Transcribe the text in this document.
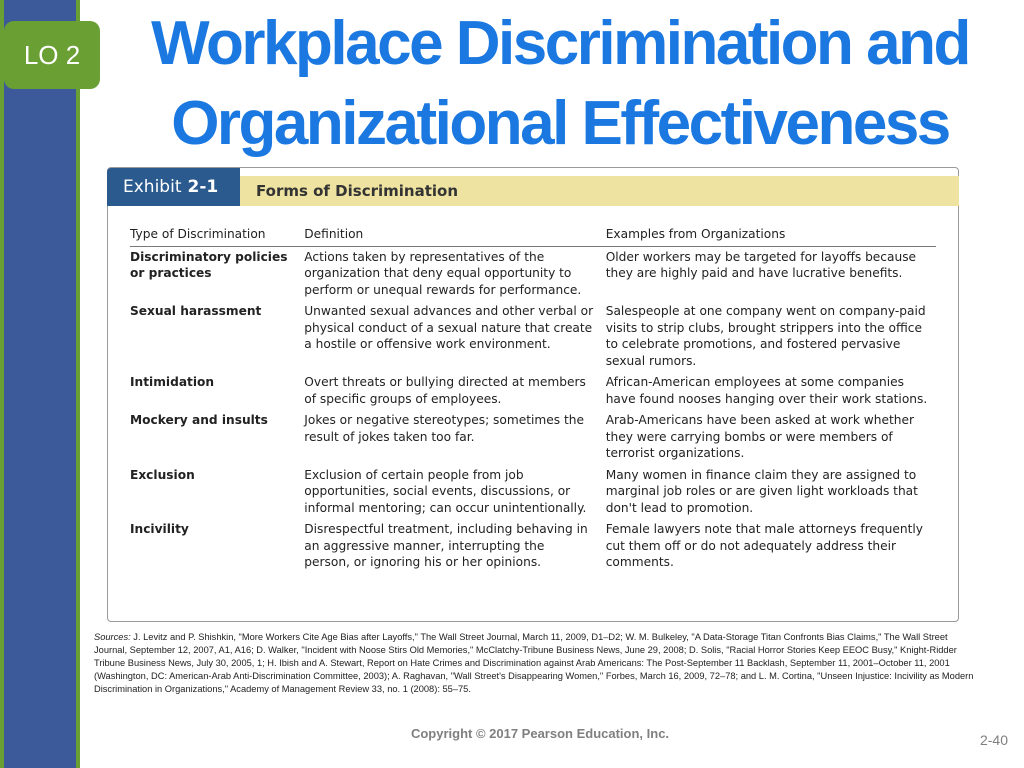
LO 2	Workplace Discrimination and Organizational Effectiveness
Exhibit 2-1	Forms of Discrimination
Type of Discrimination	Definition	Examples from Organizations
Discriminatory policies or practices	Actions taken by representatives of the organization that deny equal opportunity to perform or unequal rewards for performance.	Older workers may be targeted for layoffs because they are highly paid and have lucrative benefits.
Sexual harassment	Unwanted sexual advances and other verbal or physical conduct of a sexual nature that create a hostile or offensive work environment.	Salespeople at one company went on company-paid visits to strip clubs, brought strippers into the office to celebrate promotions, and fostered pervasive sexual rumors.
Intimidation	Overt threats or bullying directed at members of specific groups of employees.	African-American employees at some companies have found nooses hanging over their work stations.
Mockery and insults	Jokes or negative stereotypes; sometimes the result of jokes taken too far.	Arab-Americans have been asked at work whether they were carrying bombs or were members of terrorist organizations.
Exclusion	Exclusion of certain people from job opportunities, social events, discussions, or informal mentoring; can occur unintentionally.	Many women in finance claim they are assigned to marginal job roles or are given light workloads that don't lead to promotion.
Incivility	Disrespectful treatment, including behaving in an aggressive manner, interrupting the person, or ignoring his or her opinions.	Female lawyers note that male attorneys frequently cut them off or do not adequately address their comments.

Sources: J. Levitz and P. Shishkin, "More Workers Cite Age Bias after Layoffs," The Wall Street Journal, March 11, 2009, D1–D2; W. M. Bulkeley, "A Data-Storage Titan Confronts Bias Claims," The Wall Street Journal, September 12, 2007, A1, A16; D. Walker, "Incident with Noose Stirs Old Memories," McClatchy-Tribune Business News, June 29, 2008; D. Solis, "Racial Horror Stories Keep EEOC Busy," Knight-Ridder Tribune Business News, July 30, 2005, 1; H. Ibish and A. Stewart, Report on Hate Crimes and Discrimination against Arab Americans: The Post-September 11 Backlash, September 11, 2001–October 11, 2001 (Washington, DC: American-Arab Anti-Discrimination Committee, 2003); A. Raghavan, "Wall Street's Disappearing Women," Forbes, March 16, 2009, 72–78; and L. M. Cortina, "Unseen Injustice: Incivility as Modern Discrimination in Organizations," Academy of Management Review 33, no. 1 (2008): 55–75.

Copyright © 2017 Pearson Education, Inc.	2-40
